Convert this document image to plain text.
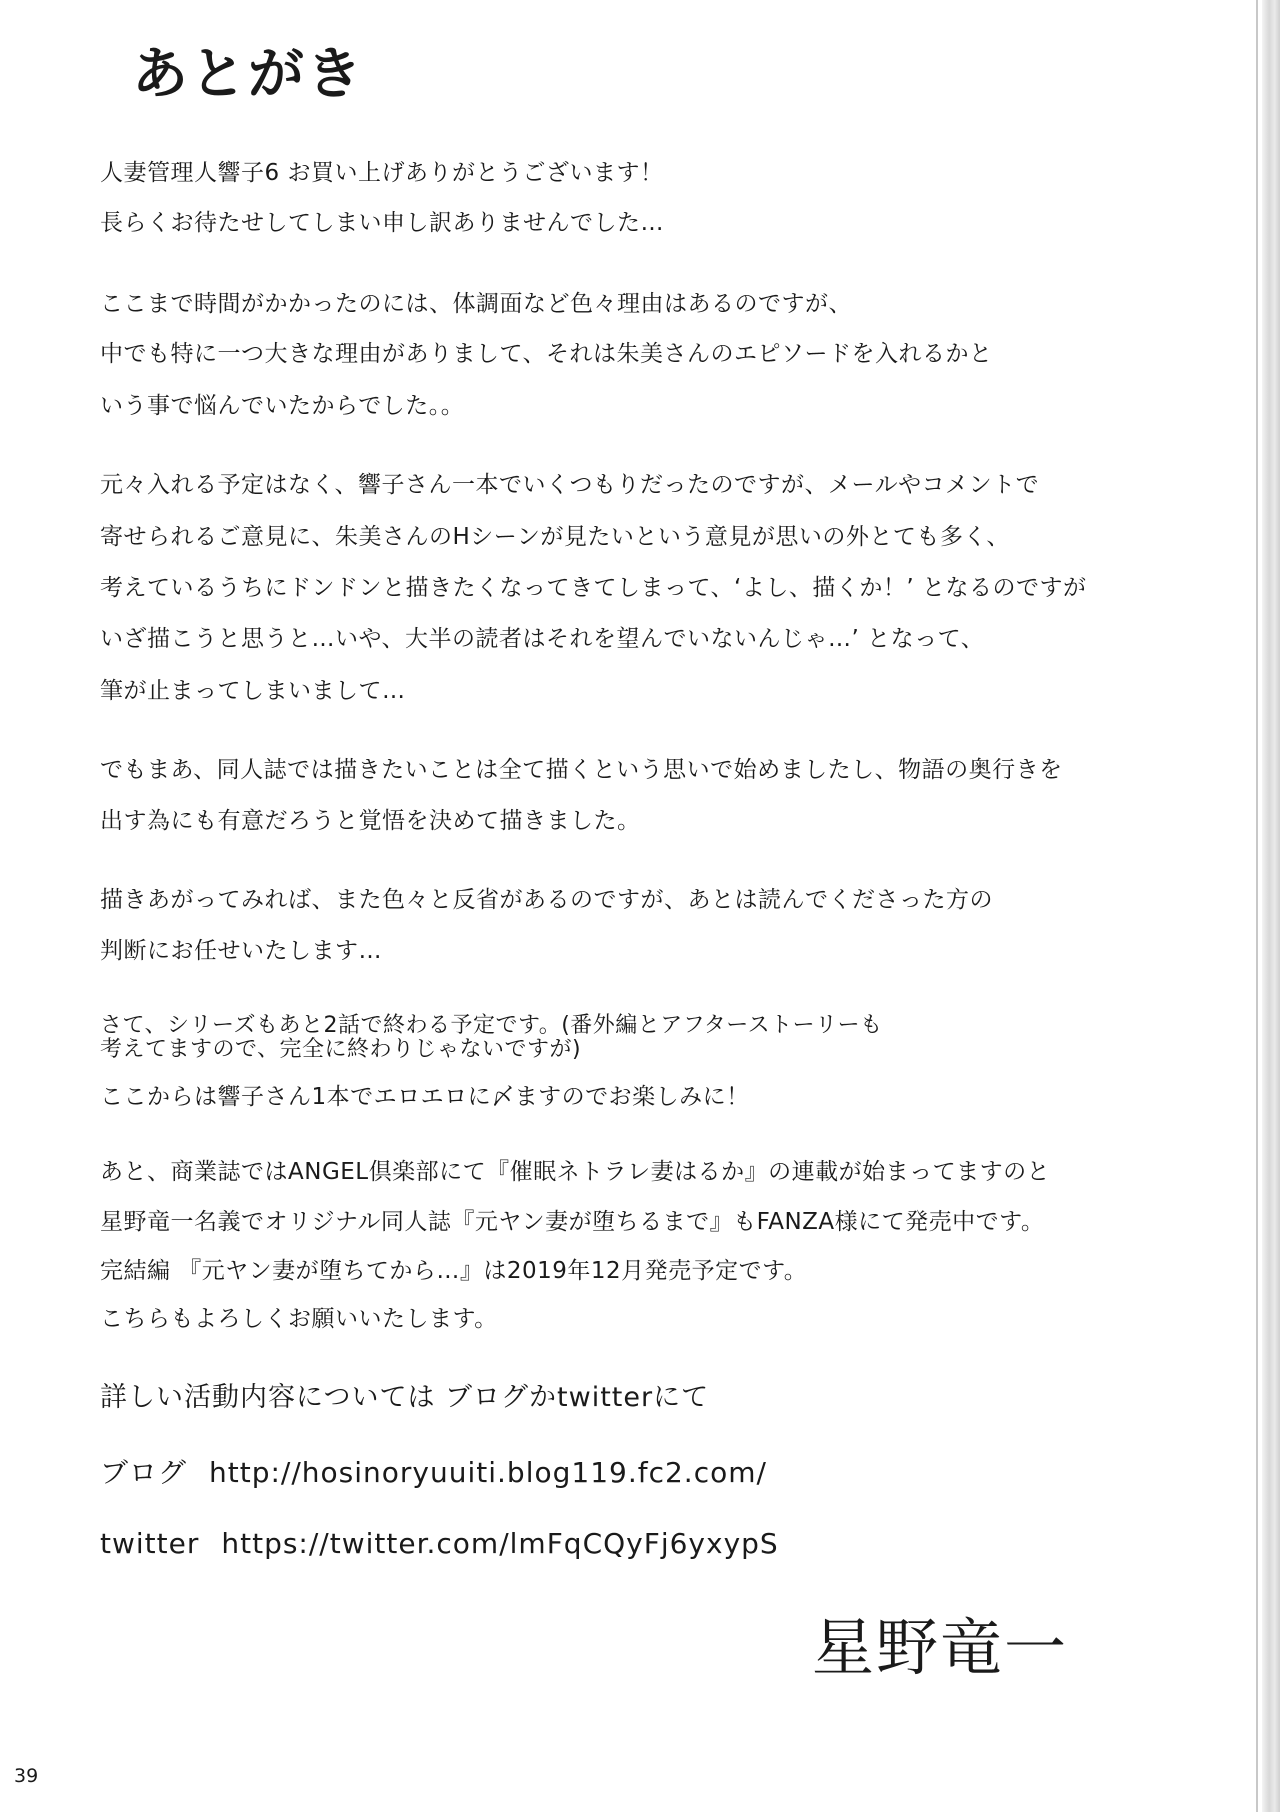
あとがき
人妻管理人響子6 お買い上げありがとうございます！
長らくお待たせしてしまい申し訳ありませんでした…
ここまで時間がかかったのには、体調面など色々理由はあるのですが、
中でも特に一つ大きな理由がありまして、それは朱美さんのエピソードを入れるかと
いう事で悩んでいたからでした。。
元々入れる予定はなく、響子さん一本でいくつもりだったのですが、メールやコメントで
寄せられるご意見に、朱美さんのHシーンが見たいという意見が思いの外とても多く、
考えているうちにドンドンと描きたくなってきてしまって、‘よし、描くか！’ となるのですが
いざ描こうと思うと…いや、大半の読者はそれを望んでいないんじゃ…’ となって、
筆が止まってしまいまして…
でもまあ、同人誌では描きたいことは全て描くという思いで始めましたし、物語の奥行きを
出す為にも有意だろうと覚悟を決めて描きました。
描きあがってみれば、また色々と反省があるのですが、あとは読んでくださった方の
判断にお任せいたします…
さて、シリーズもあと2話で終わる予定です。(番外編とアフターストーリーも
考えてますので、完全に終わりじゃないですが)
ここからは響子さん1本でエロエロに〆ますのでお楽しみに！
あと、商業誌ではANGEL倶楽部にて『催眠ネトラレ妻はるか』の連載が始まってますのと
星野竜一名義でオリジナル同人誌『元ヤン妻が堕ちるまで』もFANZA様にて発売中です。
完結編 『元ヤン妻が堕ちてから…』は2019年12月発売予定です。
こちらもよろしくお願いいたします。
詳しい活動内容については ブログかtwitterにて
ブログ http://hosinoryuuiti.blog119.fc2.com/
twitter https://twitter.com/lmFqCQyFj6yxypS
星野竜一
39
